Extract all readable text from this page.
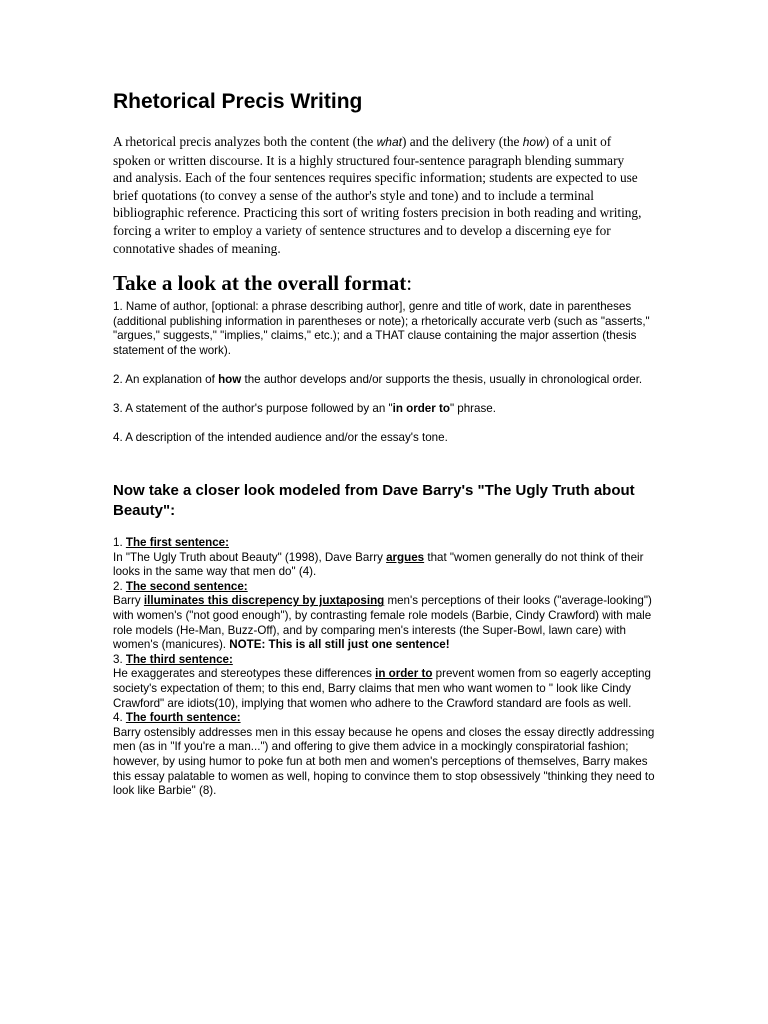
Rhetorical Precis Writing

A rhetorical precis analyzes both the content (the what) and the delivery (the how) of a unit of spoken or written discourse. It is a highly structured four-sentence paragraph blending summary and analysis. Each of the four sentences requires specific information; students are expected to use brief quotations (to convey a sense of the author's style and tone) and to include a terminal bibliographic reference. Practicing this sort of writing fosters precision in both reading and writing, forcing a writer to employ a variety of sentence structures and to develop a discerning eye for connotative shades of meaning.

Take a look at the overall format:

1. Name of author, [optional: a phrase describing author], genre and title of work, date in parentheses (additional publishing information in parentheses or note); a rhetorically accurate verb (such as "asserts," "argues," suggests," "implies," claims," etc.); and a THAT clause containing the major assertion (thesis statement of the work).

2. An explanation of how the author develops and/or supports the thesis, usually in chronological order.

3. A statement of the author's purpose followed by an "in order to" phrase.

4. A description of the intended audience and/or the essay's tone.

Now take a closer look modeled from Dave Barry's "The Ugly Truth about Beauty":

1. The first sentence:

In "The Ugly Truth about Beauty" (1998), Dave Barry argues that "women generally do not think of their looks in the same way that men do" (4).

2. The second sentence:

Barry illuminates this discrepency by juxtaposing men's perceptions of their looks ("average-looking") with women's ("not good enough"), by contrasting female role models (Barbie, Cindy Crawford) with male role models (He-Man, Buzz-Off), and by comparing men's interests (the Super-Bowl, lawn care) with women's (manicures). NOTE: This is all still just one sentence!

3. The third sentence:

He exaggerates and stereotypes these differences in order to prevent women from so eagerly accepting society's expectation of them; to this end, Barry claims that men who want women to " look like Cindy Crawford" are idiots(10), implying that women who adhere to the Crawford standard are fools as well.

4. The fourth sentence:

Barry ostensibly addresses men in this essay because he opens and closes the essay directly addressing men (as in "If you're a man...") and offering to give them advice in a mockingly conspiratorial fashion; however, by using humor to poke fun at both men and women's perceptions of themselves, Barry makes this essay palatable to women as well, hoping to convince them to stop obsessively "thinking they need to look like Barbie" (8).
